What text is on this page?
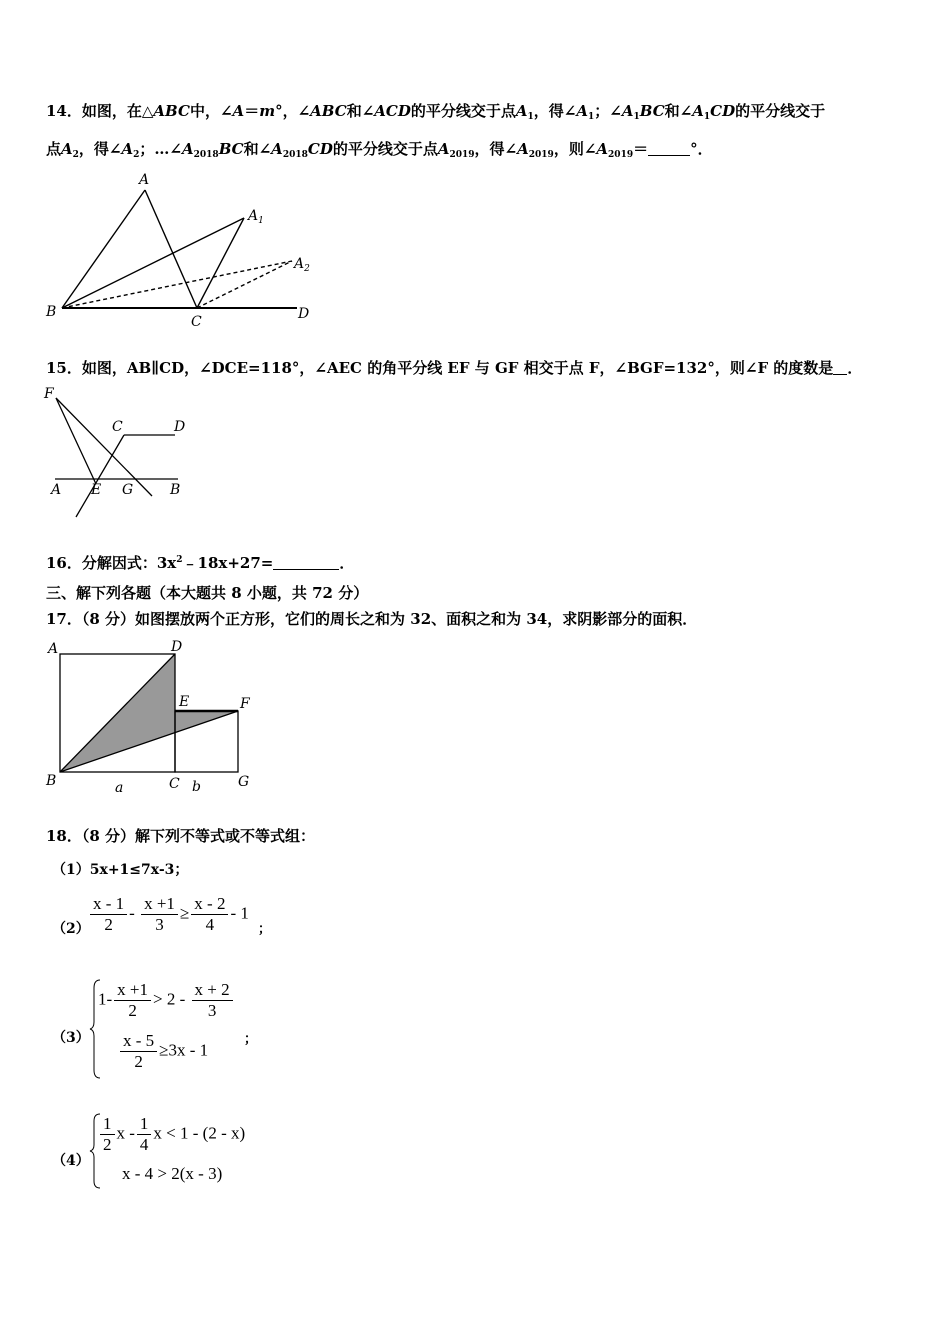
14．如图，在△ABC中，∠A＝m°，∠ABC和∠ACD的平分线交于点$A_1$，得$\angle A_1$；$\angle A_1BC$和$\angle A_1CD$的平分线交于
点$A_2$，得$\angle A_2$；$\dots\angle A_{2018}BC$和$\angle A_{2018}CD$的平分线交于点$A_{2019}$，得$\angle A_{2019}$，则$\angle A_{2019}=$	°．
A
$A_1$
$A_2$
B
C	D
15．如图，AB∥CD，∠DCE=118°，∠AEC 的角平分线 EF 与 GF 相交于点 F，∠BGF=132°，则∠F 的度数是 ．
F
C	D
A E G	B
16．分解因式：$3x^2﹣18x+27=$	．
三、解下列各题（本大题共 8 小题，共 72 分）
17．（8 分）如图摆放两个正方形，它们的周长之和为 32、面积之和为 34，求阴影部分的面积．
A	D
E	F
B	C	G
a	b
18．（8 分）解下列不等式或不等式组：
（1）5x+1≤7x-3；
$(2) \frac{x - 1}{2} - \frac{x +1}{3} \ge \frac{x - 2}{4} - 1$
；
（3）
$1- \frac{x +1}{2} > 2 - \frac{x + 2}{3}$
$\frac{x - 5}{2} \ge 3x - 1$
；
（4）
$\frac{1}{2}$ x - $\frac{1}{4}$ x < 1 - (2 - x)
x - 4 > 2(x - 3)
